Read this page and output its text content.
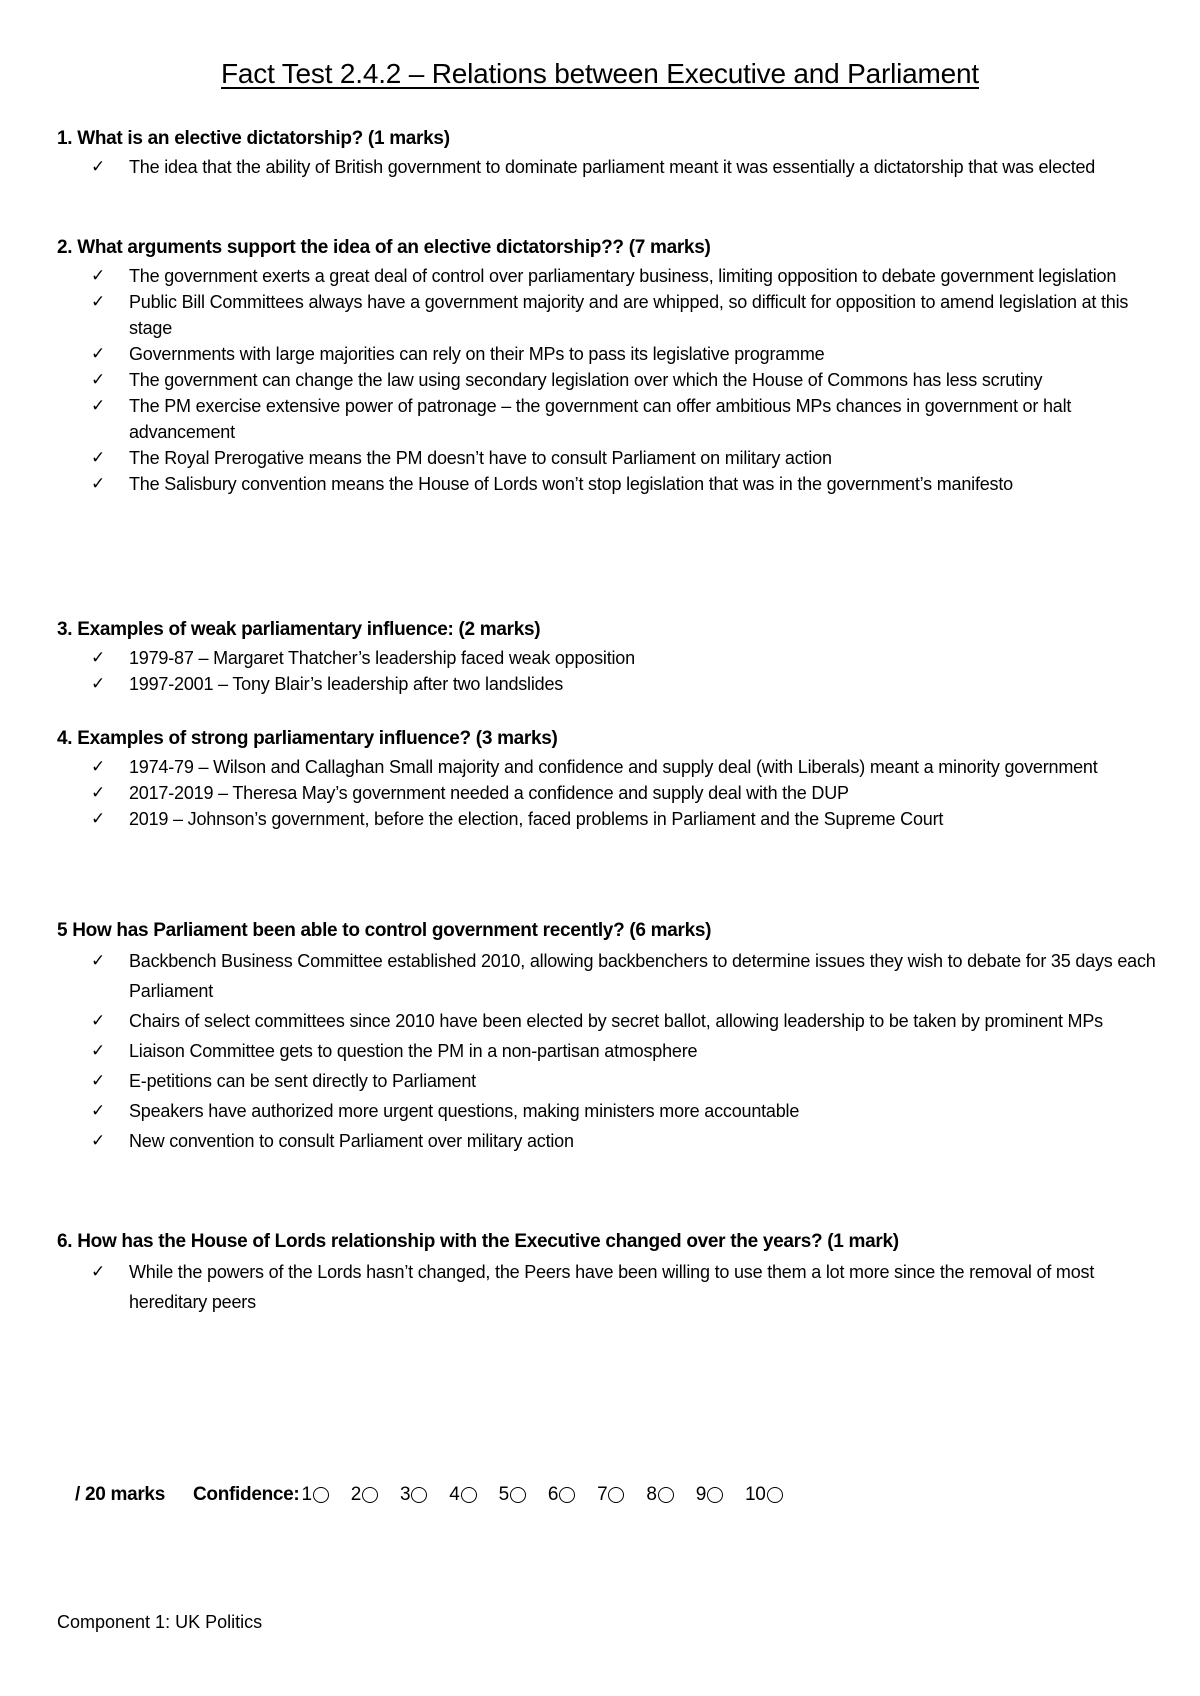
Fact Test 2.4.2 – Relations between Executive and Parliament
1. What is an elective dictatorship? (1 marks)
✓ The idea that the ability of British government to dominate parliament meant it was essentially a dictatorship that was elected
2. What arguments support the idea of an elective dictatorship?? (7 marks)
✓ The government exerts a great deal of control over parliamentary business, limiting opposition to debate government legislation
✓ Public Bill Committees always have a government majority and are whipped, so difficult for opposition to amend legislation at this stage
✓ Governments with large majorities can rely on their MPs to pass its legislative programme
✓ The government can change the law using secondary legislation over which the House of Commons has less scrutiny
✓ The PM exercise extensive power of patronage – the government can offer ambitious MPs chances in government or halt advancement
✓ The Royal Prerogative means the PM doesn’t have to consult Parliament on military action
✓ The Salisbury convention means the House of Lords won’t stop legislation that was in the government’s manifesto
3. Examples of weak parliamentary influence: (2 marks)
✓ 1979-87 – Margaret Thatcher’s leadership faced weak opposition
✓ 1997-2001 – Tony Blair’s leadership after two landslides
4. Examples of strong parliamentary influence? (3 marks)
✓ 1974-79 – Wilson and Callaghan Small majority and confidence and supply deal (with Liberals) meant a minority government
✓ 2017-2019 – Theresa May’s government needed a confidence and supply deal with the DUP
✓ 2019 – Johnson’s government, before the election, faced problems in Parliament and the Supreme Court
5 How has Parliament been able to control government recently? (6 marks)
✓ Backbench Business Committee established 2010, allowing backbenchers to determine issues they wish to debate for 35 days each Parliament
✓ Chairs of select committees since 2010 have been elected by secret ballot, allowing leadership to be taken by prominent MPs
✓ Liaison Committee gets to question the PM in a non-partisan atmosphere
✓ E-petitions can be sent directly to Parliament
✓ Speakers have authorized more urgent questions, making ministers more accountable
✓ New convention to consult Parliament over military action
6. How has the House of Lords relationship with the Executive changed over the years? (1 mark)
✓ While the powers of the Lords hasn’t changed, the Peers have been willing to use them a lot more since the removal of most hereditary peers
/ 20 marks Confidence: 1 2 3 4 5 6 7 8 9 10
Component 1: UK Politics
